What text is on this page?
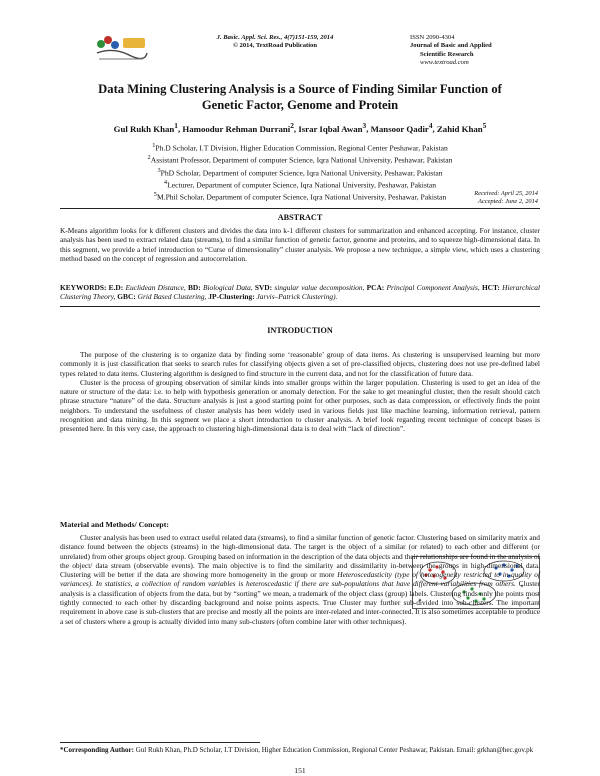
J. Basic. Appl. Sci. Res., 4(7)151-159, 2014
© 2014, TextRoad Publication
ISSN 2090-4304
Journal of Basic and Applied
Scientific Research
www.textroad.com
Data Mining Clustering Analysis is a Source of Finding Similar Function of
Genetic Factor, Genome and Protein
Gul Rukh Khan$^1$, Hamoodur Rehman Durrani$^2$, Israr Iqbal Awan$^3$, Mansoor Qadir$^4$, Zahid Khan$^5$
$^1$Ph.D Scholar, I.T Division, Higher Education Commission, Regional Center Peshawar, Pakistan
$^2$Assistant Professor, Department of computer Science, Iqra National University, Peshawar, Pakistan
$^3$PhD Scholar, Department of computer Science, Iqra National University, Peshawar, Pakistan
$^4$Lecturer, Department of computer Science, Iqra National University, Peshawar, Pakistan
$^5$M.Phil Scholar, Department of computer Science, Iqra National University, Peshawar, Pakistan	Received: April 25, 2014
Accepted: June 2, 2014
ABSTRACT

K-Means algorithm looks for k different clusters and divides the data into k-1 different clusters for summarization and enhanced accepting. For instance, cluster analysis has been used to extract related data (streams), to find a similar function of genetic factor, genome and proteins, and to squeeze high-dimensional data. In this segment, we provide a brief introduction to “Curse of dimensionality” cluster analysis. We propose a new technique, a simple view, which uses a clustering method based on the concept of regression and autocorrelation.

KEYWORDS: E.D: Euclidean Distance, BD: Biological Data, SVD: singular value decomposition, PCA: Principal Component Analysis, HCT: Hierarchical Clustering Theory, GBC: Grid Based Clustering, JP-Clustering: Jarvis–Patrick Clustering).
INTRODUCTION

The purpose of the clustering is to organize data by finding some ‘reasonable’ group of data items. As clustering is unsupervised learning but more commonly it is just classification that seeks to search rules for classifying objects given a set of pre-classified objects, clustering does not use pre-defined label types related to data items. Clustering algorithm is designed to find structure in the current data, and not for the classification of future data.

Cluster is the process of grouping observation of similar kinds into smaller groups within the larger population. Clustering is used to get an idea of the nature or structure of the data: i.e. to help with hypothesis generation or anomaly detection. For the sake to get meaningful cluster, then the result should catch phrase structure “nature” of the data. Structure analysis is just a good starting point for other purposes, such as data compression, or effectively finds the point neighbors. To understand the usefulness of cluster analysis has been widely used in various fields just like machine learning, information retrieval, pattern recognition and data mining. In this segment we place a short introduction to cluster analysis. A brief look regarding recent technique of concept bases is presented here. In this very case, the approach to clustering high-dimensional data is to deal with “lack of direction”.

Material and Methods/ Concept:

Cluster analysis has been used to extract useful related data (streams), to find a similar function of genetic factor. Clustering based on similarity matrix and distance found between the objects (streams) in the high-dimensional data. The target is the object of a similar (or related) to each other and different (or unrelated) from other groups object group. Grouping based on information in the description of the data objects and their relationships are found in the analysis of the object/ data stream (observable events). The main objective is to find the similarity and dissimilarity in-between the groups in high-dimensional data. Clustering will be better if the data are showing more homogeneity in the group or more Heteroscedasticity (type of heterogeneity restricted to in-quality of variances). In statistics, a collection of random variables is heteroscedastic if there are sub-populations that have different variabilities from others. Cluster analysis is a classification of objects from the data, but by “sorting” we mean, a trademark of the object class (group) labels. Clustering finds only the points most tightly connected to each other by discarding background and noise points aspects. True Cluster may further sub-divided into sub-clusters. The important requirement in above case is sub-clusters that are precise and mostly all the points are inter-related and inter-connected. It is also sometimes acceptable to produce a set of clusters where a group is actually divided into many sub-clusters (often combine later with other techniques).

*Corresponding Author: Gul Rukh Khan, Ph.D Scholar, I.T Division, Higher Education Commission, Regional Center Peshawar, Pakistan. Email: grkhan@hec.gov.pk
151
